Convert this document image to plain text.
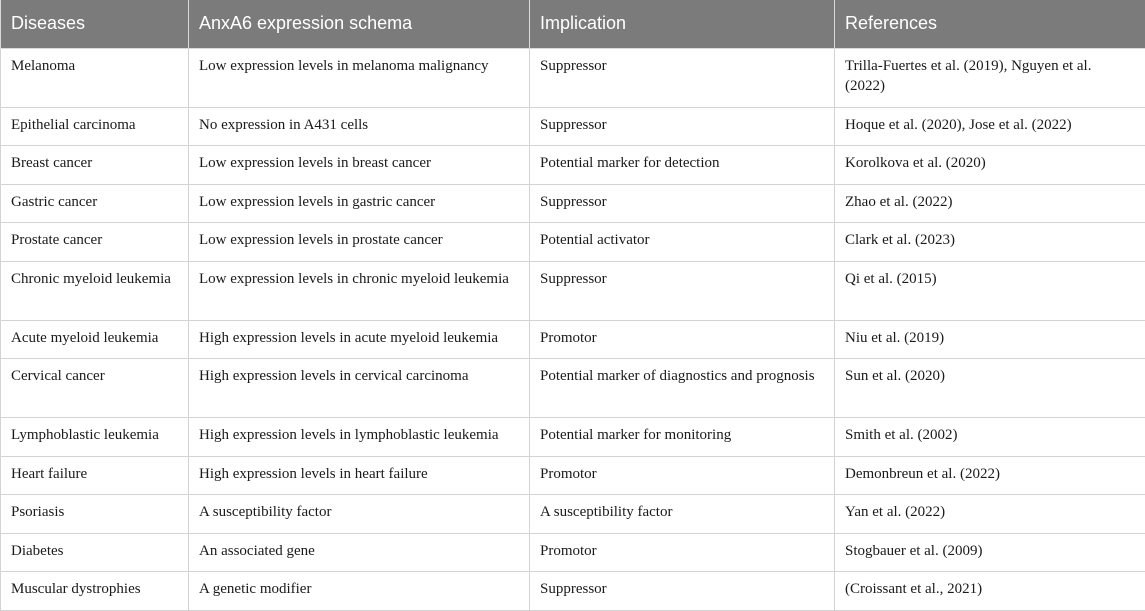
Diseases	AnxA6 expression schema	Implication	References
Melanoma	Low expression levels in melanoma malignancy	Suppressor	Trilla-Fuertes et al. (2019), Nguyen et al. (2022)
Epithelial carcinoma	No expression in A431 cells	Suppressor	Hoque et al. (2020), Jose et al. (2022)
Breast cancer	Low expression levels in breast cancer	Potential marker for detection	Korolkova et al. (2020)
Gastric cancer	Low expression levels in gastric cancer	Suppressor	Zhao et al. (2022)
Prostate cancer	Low expression levels in prostate cancer	Potential activator	Clark et al. (2023)
Chronic myeloid leukemia	Low expression levels in chronic myeloid leukemia	Suppressor	Qi et al. (2015)
Acute myeloid leukemia	High expression levels in acute myeloid leukemia	Promotor	Niu et al. (2019)
Cervical cancer	High expression levels in cervical carcinoma	Potential marker of diagnostics and prognosis	Sun et al. (2020)
Lymphoblastic leukemia	High expression levels in lymphoblastic leukemia	Potential marker for monitoring	Smith et al. (2002)
Heart failure	High expression levels in heart failure	Promotor	Demonbreun et al. (2022)
Psoriasis	A susceptibility factor	A susceptibility factor	Yan et al. (2022)
Diabetes	An associated gene	Promotor	Stogbauer et al. (2009)
Muscular dystrophies	A genetic modifier	Suppressor	(Croissant et al., 2021)
